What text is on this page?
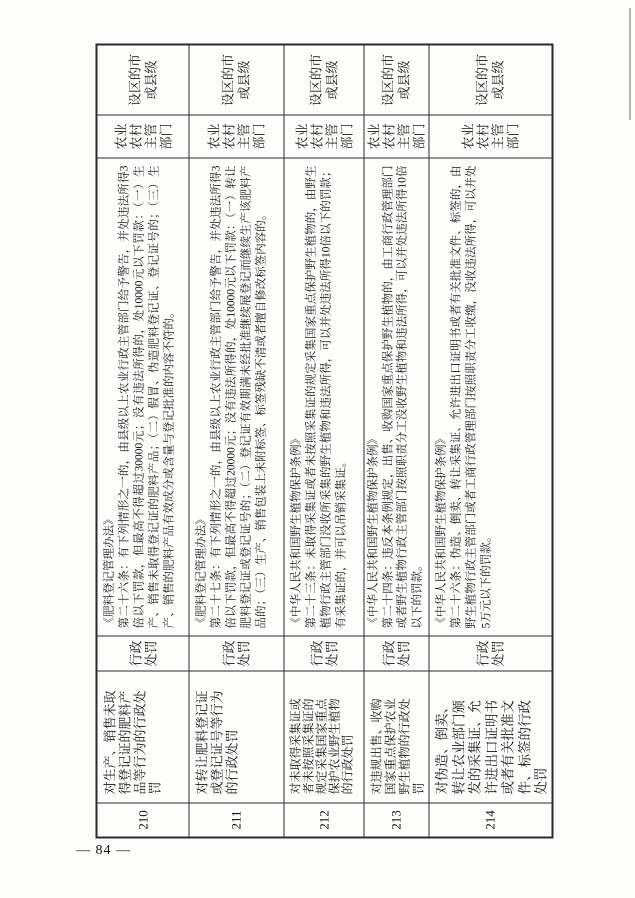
210
对生产、销售未取得登记证的肥料产品等行为的行政处罚
行政处罚
《肥料登记管理办法》 第二十六条：有下列情形之一的，由县级以上农业行政主管部门给予警告，并处违法所得3倍以下罚款，但最高不得超过30000元；没有违法所得的，处10000元以下罚款：（一）生产、销售未取得登记证的肥料产品；（二）假冒、伪造肥料登记证、登记证号的；（三）生产、销售的肥料产品有效成分或含量与登记批准的内容不符的。
农业农村主管部门
设区的市或县级
211
对转让肥料登记证或登记证号等行为的行政处罚
行政处罚
《肥料登记管理办法》 第二十七条：有下列情形之一的，由县级以上农业行政主管部门给予警告，并处违法所得3倍以下罚款，但最高不得超过20000元；没有违法所得的，处10000元以下罚款：（一）转让肥料登记证或登记证号的；（二）登记证有效期满未经批准继续展登记而继续生产该肥料产品的；（三）生产、销售包装上未附标签、标签残缺不清或者擅自修改标签内容的。
农业农村主管部门
设区的市或县级
212
对未取得采集证或者未按照采集证的规定采集国家重点保护农业野生植物的行政处罚
行政处罚
《中华人民共和国野生植物保护条例》 第二十三条：未取得采集证或者未按照采集证的规定采集国家重点保护野生植物的，由野生植物行政主管部门没收所采集的野生植物和违法所得，可以并处违法所得10倍以下的罚款；有采集证的，并可以吊销采集证。
农业农村主管部门
设区的市或县级
213
对违规出售、收购国家重点保护农业野生植物的行政处罚
行政处罚
《中华人民共和国野生植物保护条例》 第二十四条：违反本条例规定，出售、收购国家重点保护野生植物的，由工商行政管理部门或者野生植物行政主管部门按照职责分工没收野生植物和违法所得，可以并处违法所得10倍以下的罚款。
农业农村主管部门
设区的市或县级
214
对伪造、倒卖、转让农业部门颁发的采集证、允许进出口证明书或者有关批准文件、标签的行政处罚
行政处罚
《中华人民共和国野生植物保护条例》 第二十六条：伪造、倒卖、转让采集证、允许进出口证明书或者有关批准文件、标签的，由野生植物行政主管部门或者工商行政管理部门按照职责分工收缴，没收违法所得，可以并处5万元以下的罚款。
农业农村主管部门
设区的市或县级
— 84 —
